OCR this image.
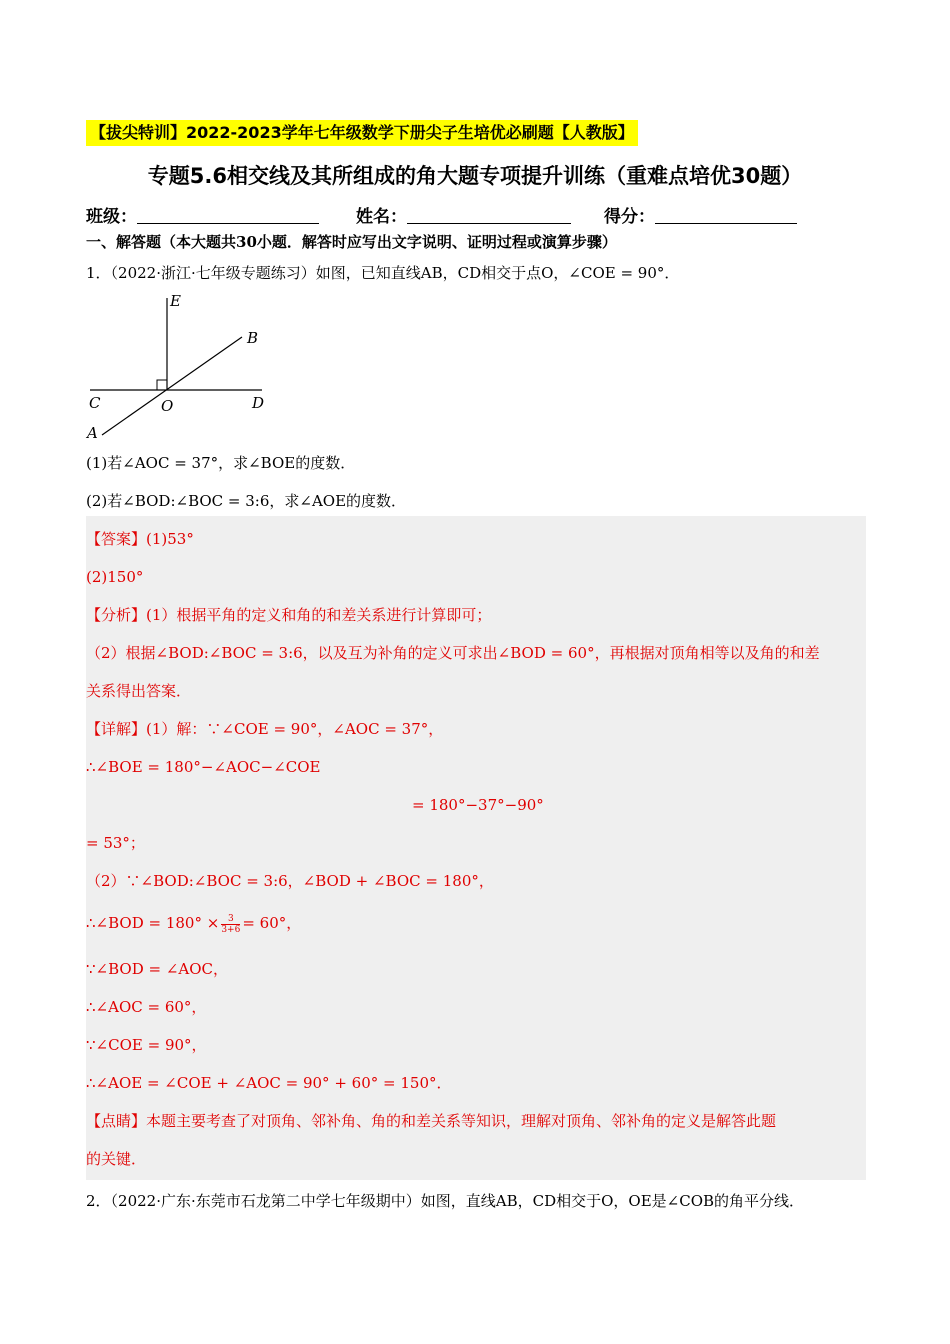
【拔尖特训】2022-2023学年七年级数学下册尖子生培优必刷题【人教版】
专题5.6相交线及其所组成的角大题专项提升训练（重难点培优30题）
班级：	姓名：	得分：
一、解答题（本大题共30小题．解答时应写出文字说明、证明过程或演算步骤）
1．（2022·浙江·七年级专题练习）如图，已知直线AB，CD相交于点O，∠COE = 90°．
E
B
C	O	D
A
(1)若∠AOC = 37°，求∠BOE的度数．
(2)若∠BOD:∠BOC = 3:6，求∠AOE的度数．
【答案】(1)53°
(2)150°
【分析】(1）根据平角的定义和角的和差关系进行计算即可；
（2）根据∠BOD:∠BOC = 3:6，以及互为补角的定义可求出∠BOD = 60°，再根据对顶角相等以及角的和差
关系得出答案．
【详解】(1）解：∵∠COE = 90°，∠AOC = 37°，
∴∠BOE = 180°−∠AOC−∠COE
= 180°−37°−90°
= 53°；
（2）∵∠BOD:∠BOC = 3:6，∠BOD + ∠BOC = 180°，
∴∠BOD = $180^\circ \times \frac{3}{3+6} = 60^\circ$，
∵∠BOD = ∠AOC，
∴∠AOC = 60°，
∵∠COE = 90°，
∴∠AOE = ∠COE + ∠AOC = 90° + 60° = 150°．
【点睛】本题主要考查了对顶角、邻补角、角的和差关系等知识，理解对顶角、邻补角的定义是解答此题
的关键．
2．（2022·广东·东莞市石龙第二中学七年级期中）如图，直线AB，CD相交于O，OE是∠COB的角平分线．
